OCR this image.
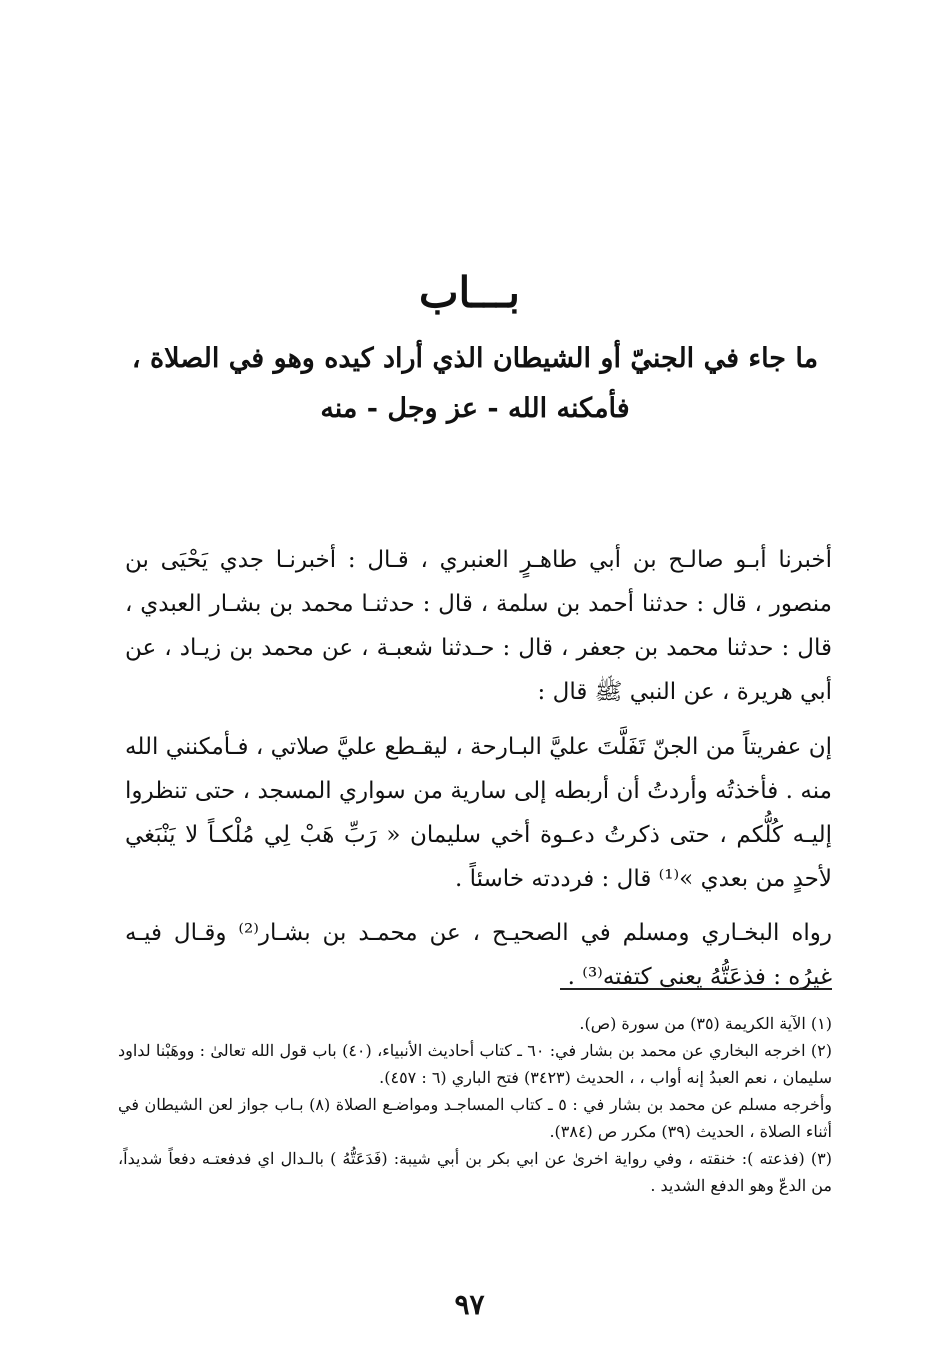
بـــاب
ما جاء في الجنيّ أو الشيطان الذي أراد كيده وهو في الصلاة ، فأمكنه الله - عز وجل - منه

أخبرنا أبـو صالـح بن أبي طاهـرٍ العنبري ، قـال : أخبرنـا جدي يَحْيَى بن منصور ، قال : حدثنا أحمد بن سلمة ، قال : حدثنـا محمد بن بشـار العبدي ، قال : حدثنا محمد بن جعفر ، قال : حـدثنا شعبـة ، عن محمد بن زيـاد ، عن أبي هريرة ، عن النبي ﷺ قال :

إن عفريتاً من الجنّ تَفَلَّتَ عليَّ البـارحة ، ليقـطع عليَّ صلاتي ، فـأمكنني الله منه . فأخذتُه وأردتُ أن أربطه إلى سارية من سواري المسجد ، حتى تنظروا إليـه كُلُّكم ، حتى ذكرتُ دعـوة أخي سليمان « رَبِّ هَبْ لِي مُلْكـاً لا يَنْبَغي لأحدٍ من بعدي »⁽¹⁾ قال : فرددته خاسئاً .

رواه البخـاري ومسلم في الصحيـح ، عن محمـد بن بشـار⁽²⁾ وقـال فيـه غيرُه : فذعَتُّهُ يعني كتفته⁽³⁾ .

(١) الآية الكريمة (٣٥) من سورة (ص).

(٢) اخرجه البخاري عن محمد بن بشار في: ٦٠ ـ كتاب أحاديث الأنبياء، (٤٠) باب قول الله تعالىٰ : ووهَبْنا لداود سليمان ، نعم العبدُ إنه أواب ، ، الحديث (٣٤٢٣) فتح الباري (٦ : ٤٥٧).

وأخرجه مسلم عن محمد بن بشار في : ٥ ـ كتاب المساجـد ومواضـع الصلاة (٨) بـاب جواز لعن الشيطان في أثناء الصلاة ، الحديث (٣٩) مكرر ص (٣٨٤).

(٣) (فذعته ): خنقته ، وفي رواية اخرىٰ عن ابي بكر بن أبي شيبة: (فَدَعَتُّهُ ) بالـدال اي فدفعتـه دفعاً شديداً، من الدعّ وهو الدفع الشديد .

٩٧
